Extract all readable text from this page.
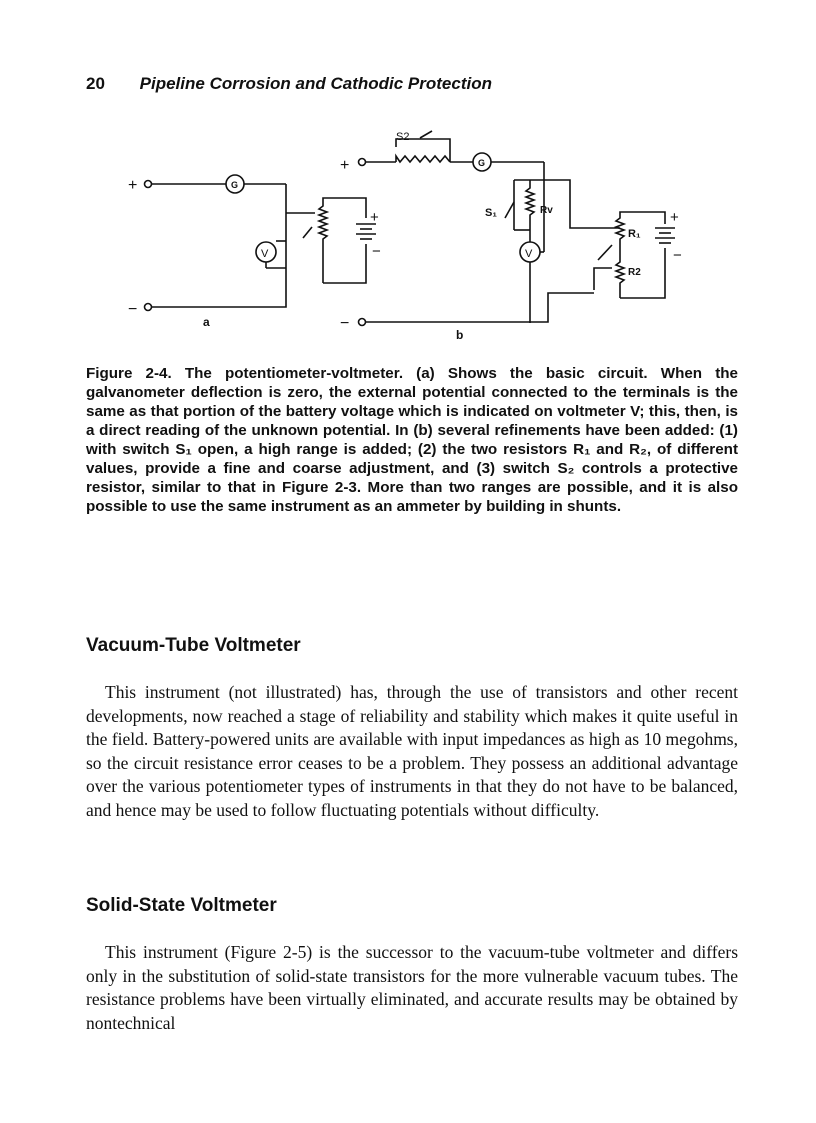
20 Pipeline Corrosion and Cathodic Protection
+	G
V
+
−
−
a
S2
+	G
S₁	Rv
V
R₁
+
−
R2
−
b
Figure 2-4. The potentiometer-voltmeter. (a) Shows the basic circuit. When the galvanometer deflection is zero, the external potential connected to the terminals is the same as that portion of the battery voltage which is indicated on voltmeter V; this, then, is a direct reading of the unknown potential. In (b) several refinements have been added: (1) with switch S₁ open, a high range is added; (2) the two resistors R₁ and R₂, of different values, provide a fine and coarse adjustment, and (3) switch S₂ controls a protective resistor, similar to that in Figure 2-3. More than two ranges are possible, and it is also possible to use the same instrument as an ammeter by building in shunts.
Vacuum-Tube Voltmeter
This instrument (not illustrated) has, through the use of transistors and other recent developments, now reached a stage of reliability and stability which makes it quite useful in the field. Battery-powered units are available with input impedances as high as 10 megohms, so the circuit resistance error ceases to be a problem. They possess an additional advantage over the various potentiometer types of instruments in that they do not have to be balanced, and hence may be used to follow fluctuating potentials without difficulty.
Solid-State Voltmeter
This instrument (Figure 2-5) is the successor to the vacuum-tube voltmeter and differs only in the substitution of solid-state transistors for the more vulnerable vacuum tubes. The resistance problems have been virtually eliminated, and accurate results may be obtained by nontechnical
